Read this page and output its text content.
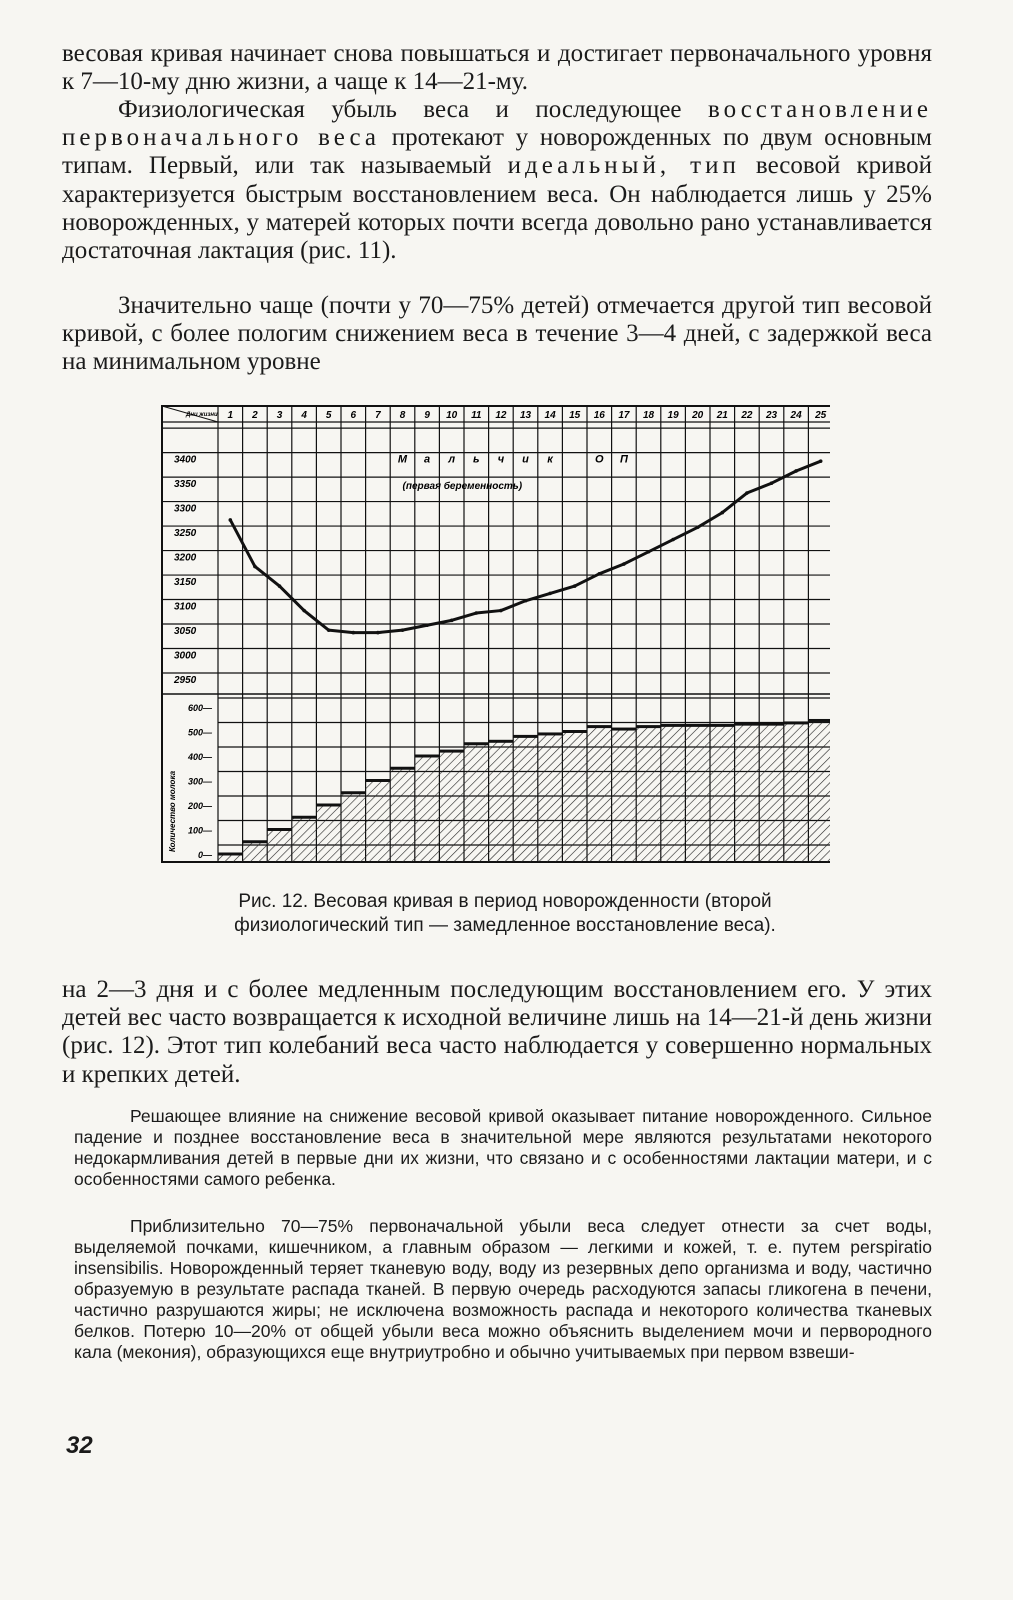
весовая кривая начинает снова повышаться и достигает первоначального уровня к 7—10-му дню жизни, а чаще к 14—21-му.

Физиологическая убыль веса и последующее восстановление первоначального веса протекают у новорожденных по двум основным типам. Первый, или так называемый идеальный, тип весовой кривой характеризуется быстрым восстановлением веса. Он наблюдается лишь у 25% новорожденных, у матерей которых почти всегда довольно рано устанавливается достаточная лактация (рис. 11).

Значительно чаще (почти у 70—75% детей) отмечается другой тип весовой кривой, с более пологим снижением веса в течение 3—4 дней, с задержкой веса на минимальном уровне

Дни жизни 1 2 3 4 5 6 7 8 9 10 11 12 13 14 15 16 17 18 19 20 21 22 23 24 25
3400
3350
3300
3250
3200
3150
3100
3050
3000
2950
600—
500—
400—
300—
200—
100—
0—
Количество молока
М а л ь ч и к	О П
(первая беременность)

Рис. 12. Весовая кривая в период новорожденности (второй физиологический тип — замедленное восстановление веса).

на 2—3 дня и с более медленным последующим восстановлением его. У этих детей вес часто возвращается к исходной величине лишь на 14—21-й день жизни (рис. 12). Этот тип колебаний веса часто наблюдается у совершенно нормальных и крепких детей.

Решающее влияние на снижение весовой кривой оказывает питание новорожденного. Сильное падение и позднее восстановление веса в значительной мере являются результатами некоторого недокармливания детей в первые дни их жизни, что связано и с особенностями лактации матери, и с особенностями самого ребенка.

Приблизительно 70—75% первоначальной убыли веса следует отнести за счет воды, выделяемой почками, кишечником, а главным образом — легкими и кожей, т. е. путем perspiratio insensibilis. Новорожденный теряет тканевую воду, воду из резервных депо организма и воду, частично образуемую в результате распада тканей. В первую очередь расходуются запасы гликогена в печени, частично разрушаются жиры; не исключена возможность распада и некоторого количества тканевых белков. Потерю 10—20% от общей убыли веса можно объяснить выделением мочи и первородного кала (мекония), образующихся еще внутриутробно и обычно учитываемых при первом взвеши-

32
